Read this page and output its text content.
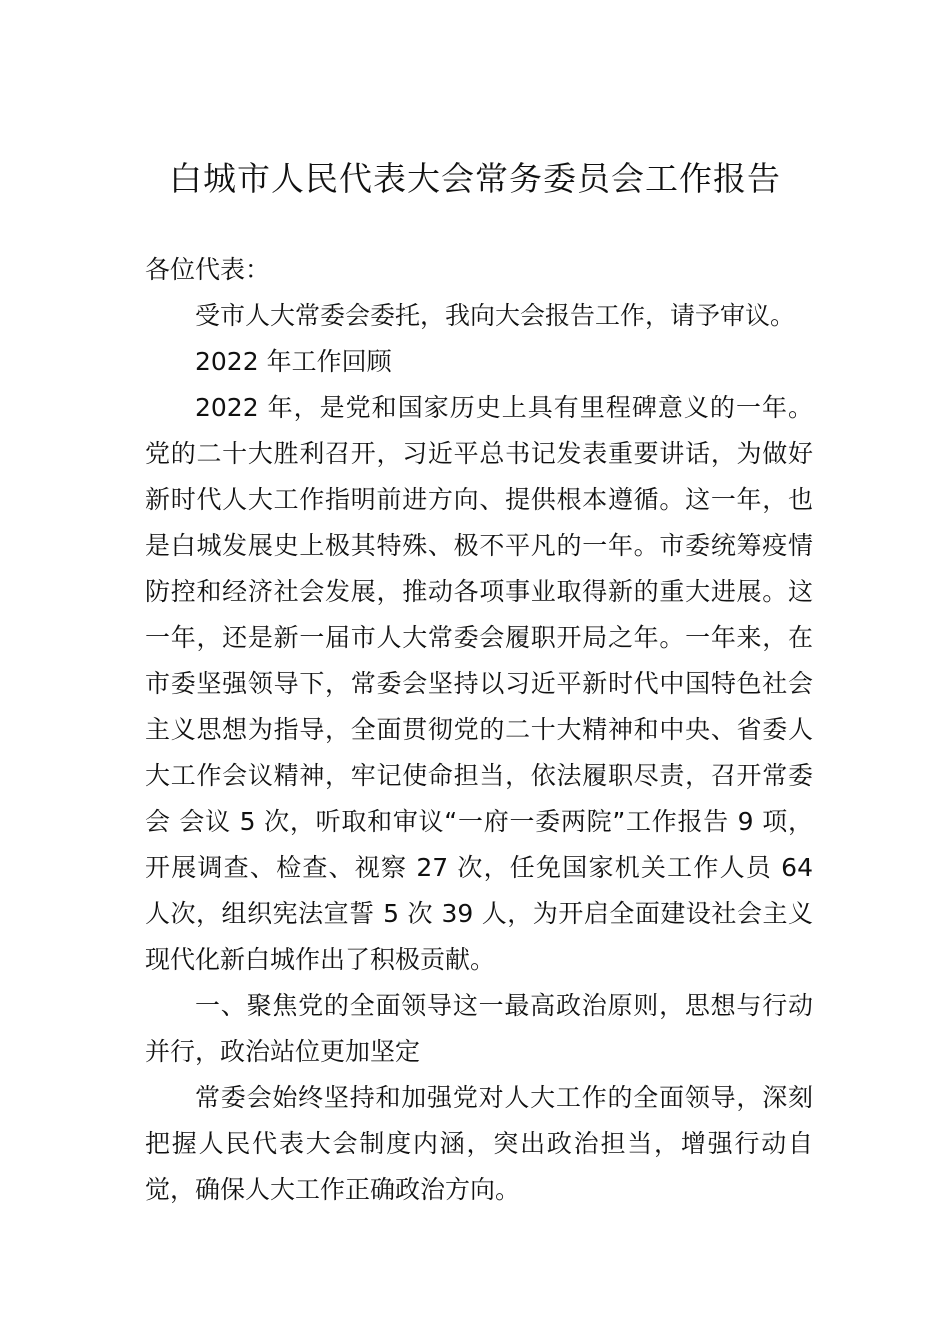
白城市人民代表大会常务委员会工作报告

各位代表：

受市人大常委会委托，我向大会报告工作，请予审议。

2022 年工作回顾

2022 年，是党和国家历史上具有里程碑意义的一年。党的二十大胜利召开，习近平总书记发表重要讲话，为做好新时代人大工作指明前进方向、提供根本遵循。这一年，也是白城发展史上极其特殊、极不平凡的一年。市委统筹疫情防控和经济社会发展，推动各项事业取得新的重大进展。这一年，还是新一届市人大常委会履职开局之年。一年来，在市委坚强领导下，常委会坚持以习近平新时代中国特色社会主义思想为指导，全面贯彻党的二十大精神和中央、省委人大工作会议精神，牢记使命担当，依法履职尽责，召开常委会 会议 5 次，听取和审议“一府一委两院”工作报告 9 项，开展调查、检查、视察 27 次，任免国家机关工作人员 64 人次，组织宪法宣誓 5 次 39 人，为开启全面建设社会主义现代化新白城作出了积极贡献。

一、聚焦党的全面领导这一最高政治原则，思想与行动并行，政治站位更加坚定

常委会始终坚持和加强党对人大工作的全面领导，深刻把握人民代表大会制度内涵，突出政治担当，增强行动自觉，确保人大工作正确政治方向。
